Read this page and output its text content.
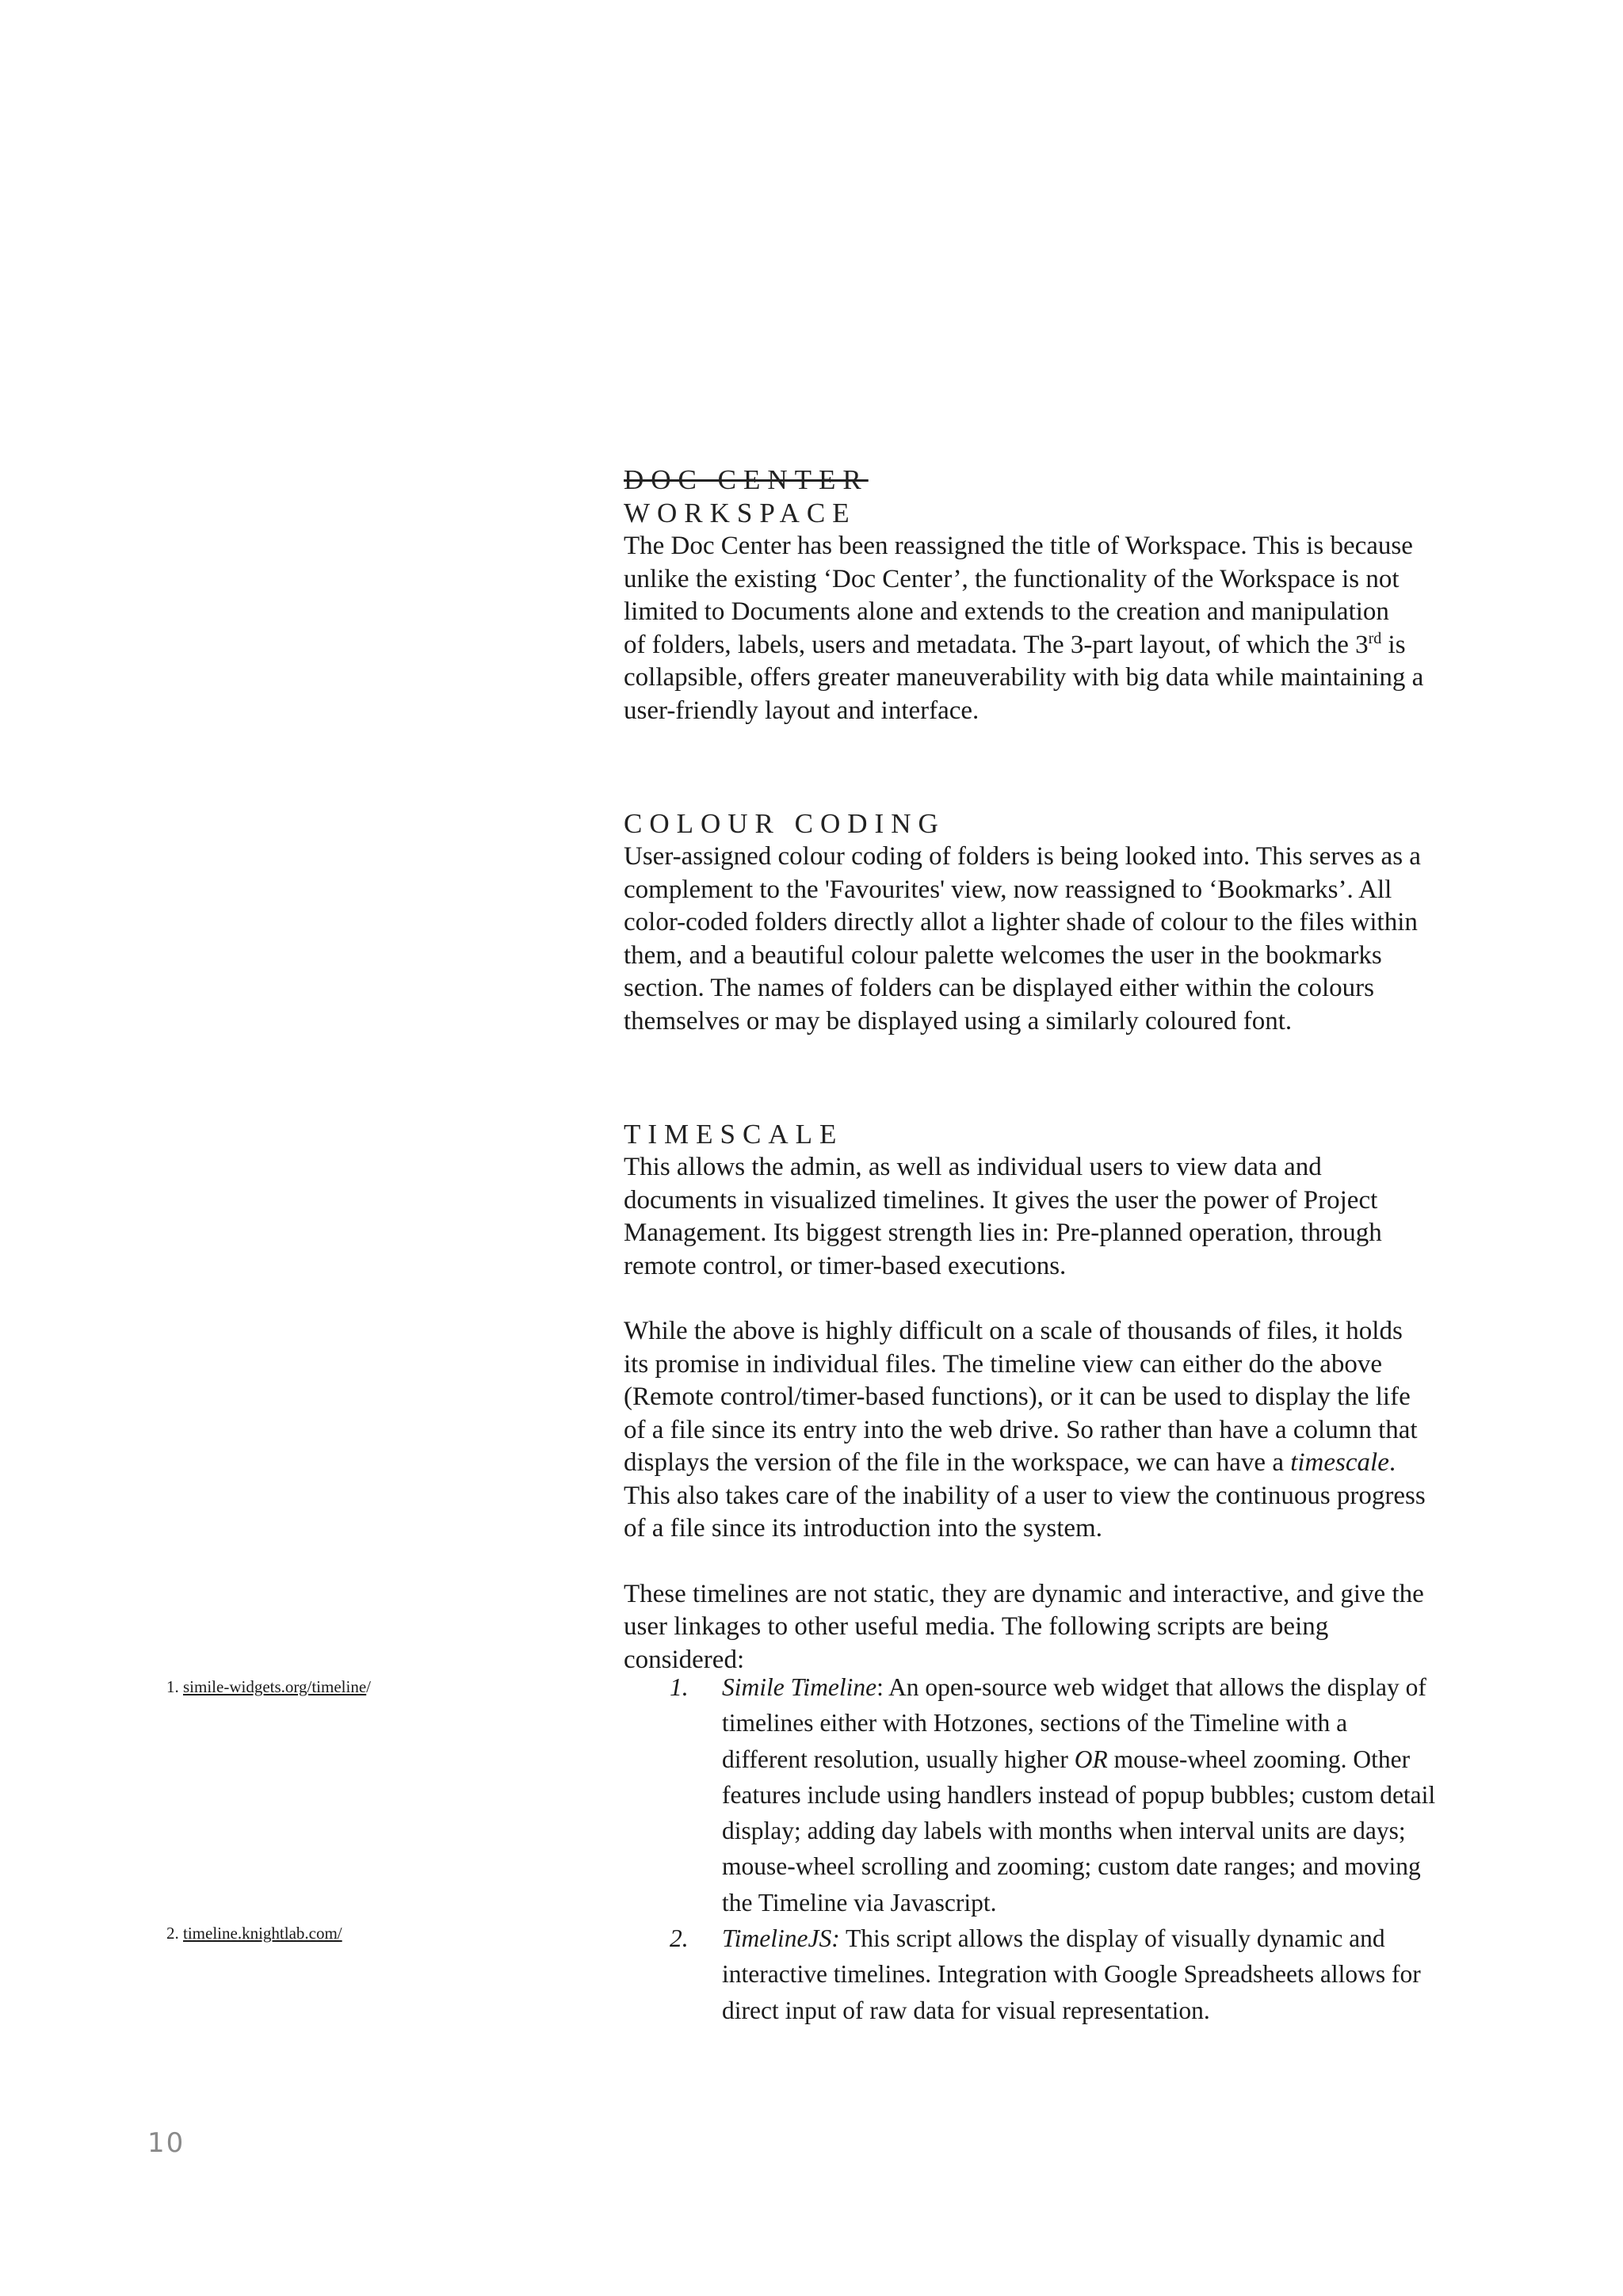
DOC CENTER
WORKSPACE

The Doc Center has been reassigned the title of Workspace. This is because
unlike the existing ‘Doc Center’, the functionality of the Workspace is not
limited to Documents alone and extends to the creation and manipulation
of folders, labels, users and metadata. The 3-part layout, of which the 3rd is
collapsible, offers greater maneuverability with big data while maintaining a
user-friendly layout and interface.

COLOUR CODING

User-assigned colour coding of folders is being looked into. This serves as a
complement to the 'Favourites' view, now reassigned to ‘Bookmarks’. All
color-coded folders directly allot a lighter shade of colour to the files within
them, and a beautiful colour palette welcomes the user in the bookmarks
section. The names of folders can be displayed either within the colours
themselves or may be displayed using a similarly coloured font.

TIMESCALE

This allows the admin, as well as individual users to view data and
documents in visualized timelines. It gives the user the power of Project
Management. Its biggest strength lies in: Pre-planned operation, through
remote control, or timer-based executions.

While the above is highly difficult on a scale of thousands of files, it holds
its promise in individual files. The timeline view can either do the above
(Remote control/timer-based functions), or it can be used to display the life
of a file since its entry into the web drive. So rather than have a column that
displays the version of the file in the workspace, we can have a timescale.
This also takes care of the inability of a user to view the continuous progress
of a file since its introduction into the system.

These timelines are not static, they are dynamic and interactive, and give the
user linkages to other useful media. The following scripts are being
considered:

1. Simile Timeline: An open-source web widget that allows the display of
timelines either with Hotzones, sections of the Timeline with a
different resolution, usually higher OR mouse-wheel zooming. Other
features include using handlers instead of popup bubbles; custom detail
display; adding day labels with months when interval units are days;
mouse-wheel scrolling and zooming; custom date ranges; and moving
the Timeline via Javascript.
2. TimelineJS: This script allows the display of visually dynamic and
interactive timelines. Integration with Google Spreadsheets allows for
direct input of raw data for visual representation.
1. simile-widgets.org/timeline/
2. timeline.knightlab.com/
10
